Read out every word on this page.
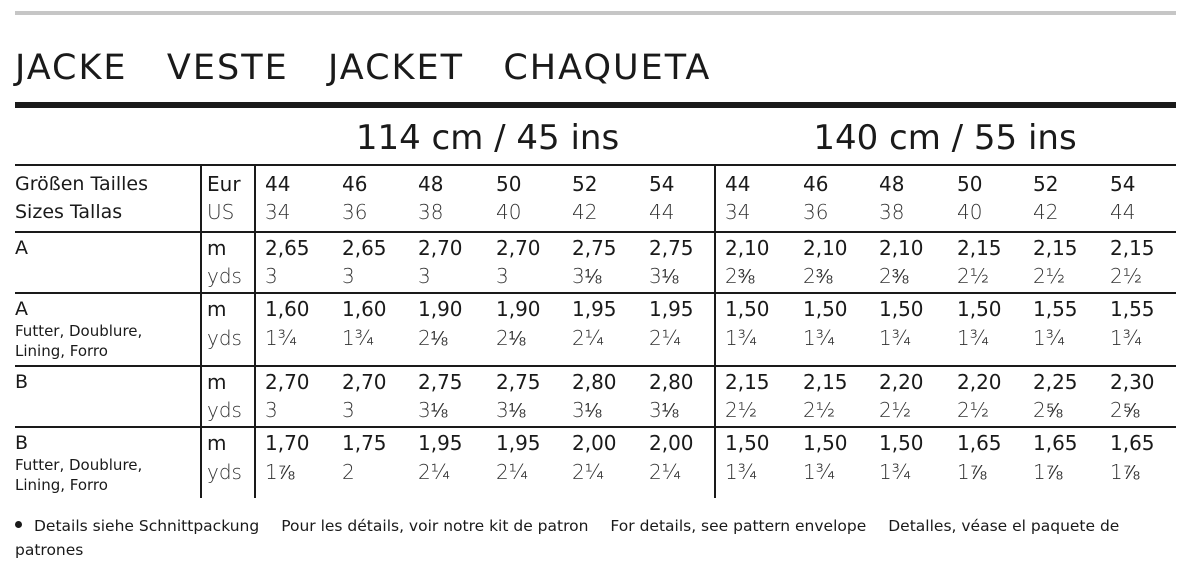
JACKE   VESTE   JACKET   CHAQUETA
114 cm / 45 ins	140 cm / 55 ins
Größen Tailles
Sizes Tallas
Eur
US
44
34
46
36
48
38
50
40
52
42
54
44
44
34
46
36
48
38
50
40
52
42
54
44
A
A
Futter, Doublure,
Lining, Forro
B
B
Futter, Doublure,
Lining, Forro
m
yds
m
yds
m
yds
m
yds
2,65
3
2,65
3
2,70
3
2,70
3
2,75
3⅛
2,75
3⅛
2,10
2⅜
2,10
2⅜
2,10
2⅜
2,15
2½
2,15
2½
2,15
2½
1,60
1¾
1,60
1¾
1,90
2⅛
1,90
2⅛
1,95
2¼
1,95
2¼
1,50
1¾
1,50
1¾
1,50
1¾
1,50
1¾
1,55
1¾
1,55
1¾
2,70
3
2,70
3
2,75
3⅛
2,75
3⅛
2,80
3⅛
2,80
3⅛
2,15
2½
2,15
2½
2,20
2½
2,20
2½
2,25
2⅝
2,30
2⅝
1,70
1⅞
1,75
2
1,95
2¼
1,95
2¼
2,00
2¼
2,00
2¼
1,50
1¾
1,50
1¾
1,50
1¾
1,65
1⅞
1,65
1⅞
1,65
1⅞
Details siehe Schnittpackung Pour les détails, voir notre kit de patron For details, see pattern envelope Detalles, véase el paquete de patrones
